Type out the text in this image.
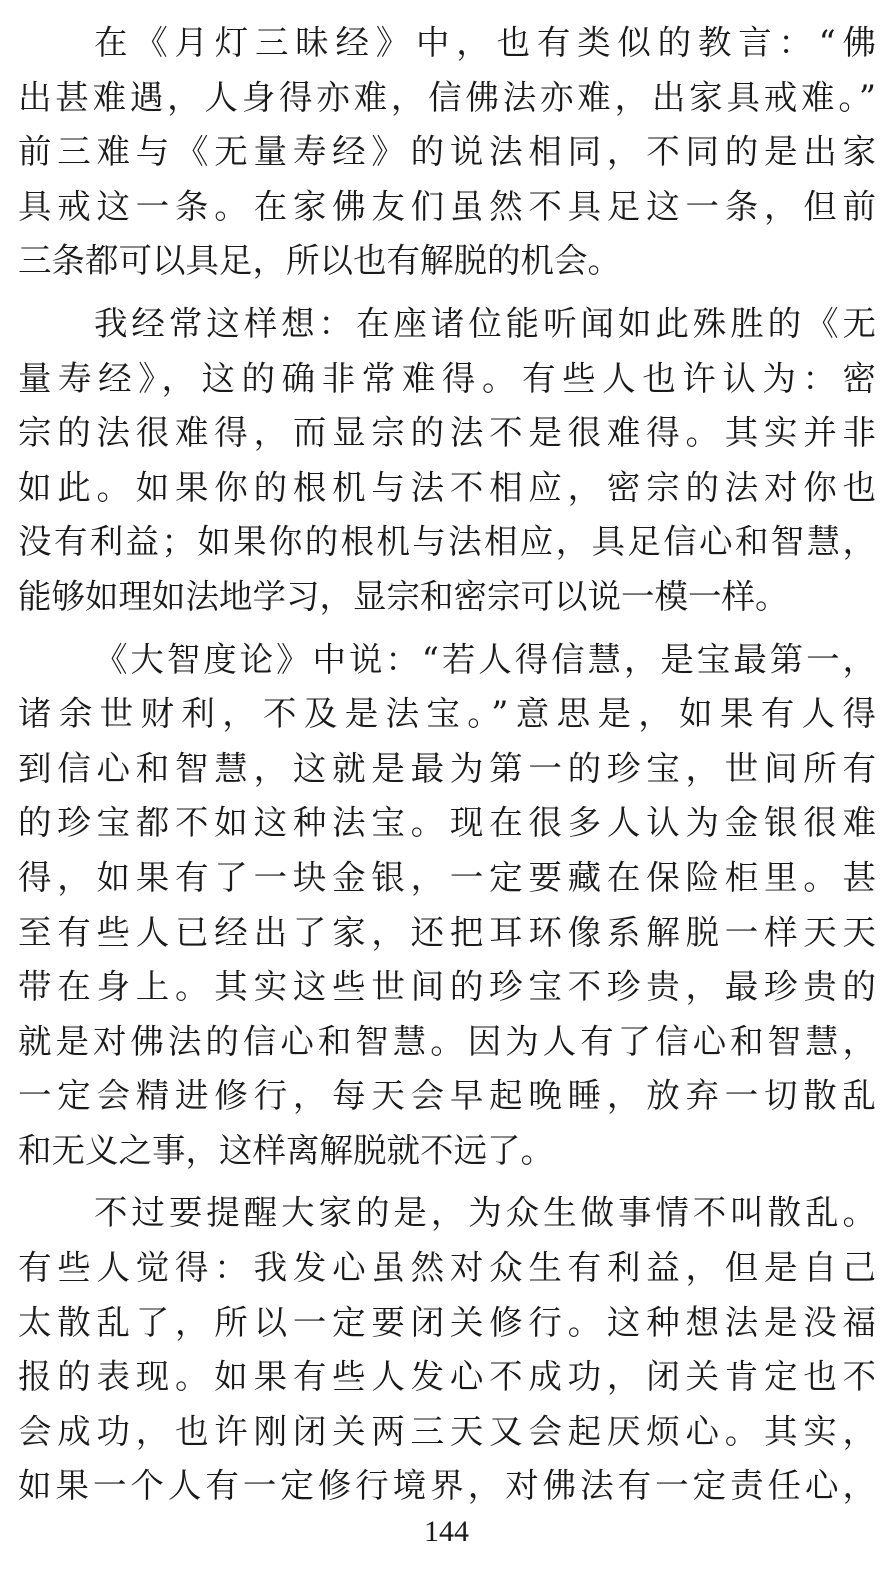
在《月灯三昧经》中，也有类似的教言：“佛
出甚难遇，人身得亦难，信佛法亦难，出家具戒难。”
前三难与《无量寿经》的说法相同，不同的是出家
具戒这一条。在家佛友们虽然不具足这一条，但前
三条都可以具足，所以也有解脱的机会。
我经常这样想：在座诸位能听闻如此殊胜的《无
量寿经》，这的确非常难得。有些人也许认为：密
宗的法很难得，而显宗的法不是很难得。其实并非
如此。如果你的根机与法不相应，密宗的法对你也
没有利益；如果你的根机与法相应，具足信心和智慧，
能够如理如法地学习，显宗和密宗可以说一模一样。
《大智度论》中说：“若人得信慧，是宝最第一，
诸余世财利，不及是法宝。”意思是，如果有人得
到信心和智慧，这就是最为第一的珍宝，世间所有
的珍宝都不如这种法宝。现在很多人认为金银很难
得，如果有了一块金银，一定要藏在保险柜里。甚
至有些人已经出了家，还把耳环像系解脱一样天天
带在身上。其实这些世间的珍宝不珍贵，最珍贵的
就是对佛法的信心和智慧。因为人有了信心和智慧，
一定会精进修行，每天会早起晚睡，放弃一切散乱
和无义之事，这样离解脱就不远了。
不过要提醒大家的是，为众生做事情不叫散乱。
有些人觉得：我发心虽然对众生有利益，但是自己
太散乱了，所以一定要闭关修行。这种想法是没福
报的表现。如果有些人发心不成功，闭关肯定也不
会成功，也许刚闭关两三天又会起厌烦心。其实，
如果一个人有一定修行境界，对佛法有一定责任心，
144
